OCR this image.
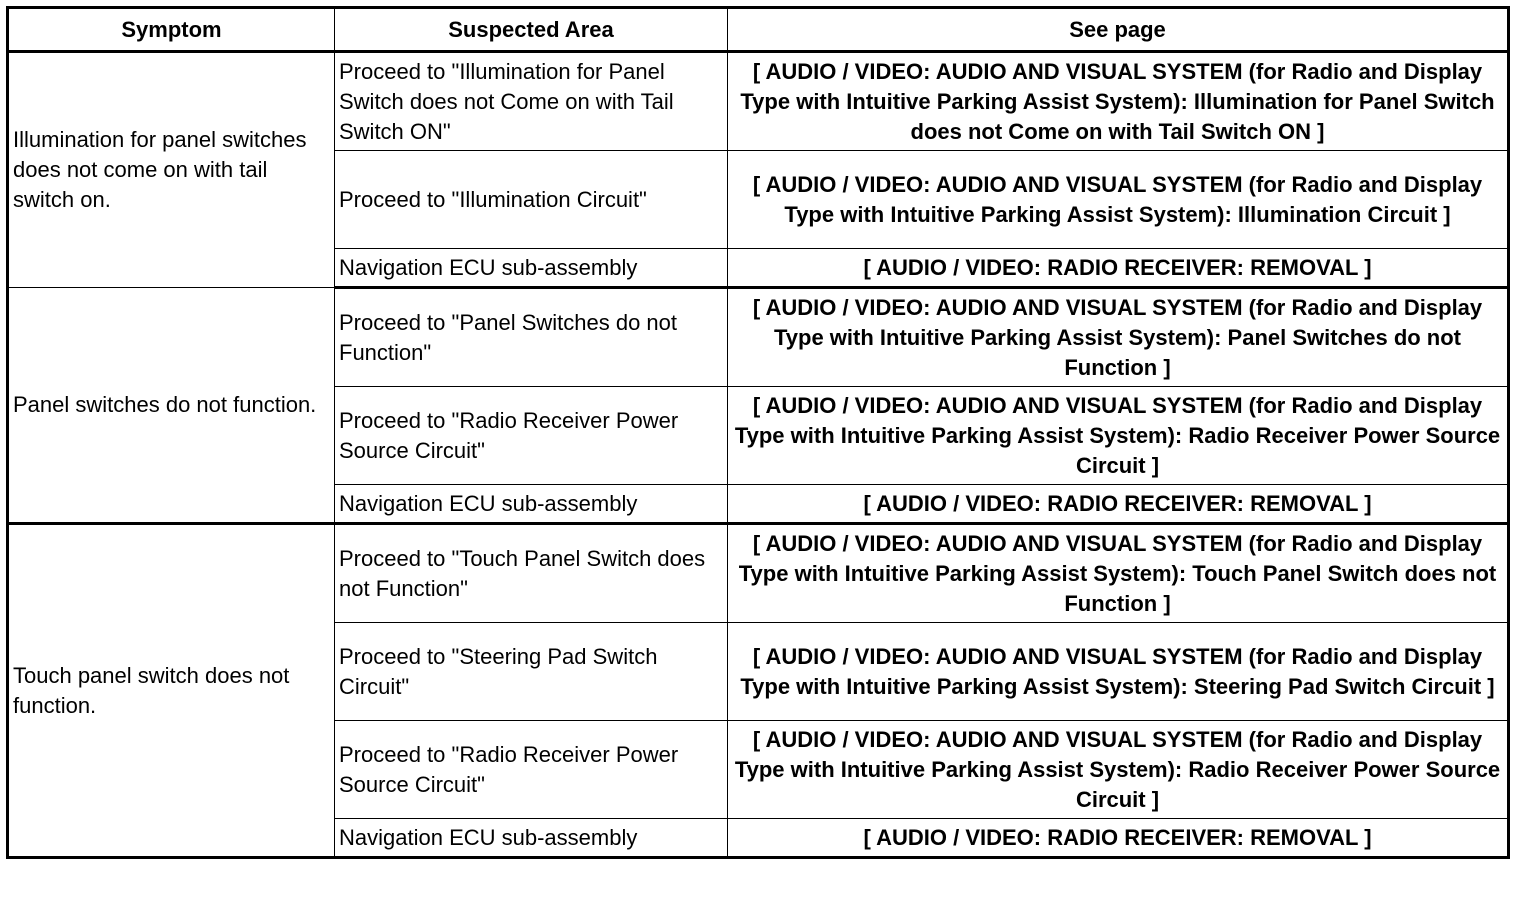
Symptom	Suspected Area	See page
Illumination for panel switches does not come on with tail switch on.	Proceed to "Illumination for Panel Switch does not Come on with Tail Switch ON"	[ AUDIO / VIDEO: AUDIO AND VISUAL SYSTEM (for Radio and Display Type with Intuitive Parking Assist System): Illumination for Panel Switch does not Come on with Tail Switch ON ]
	Proceed to "Illumination Circuit"	[ AUDIO / VIDEO: AUDIO AND VISUAL SYSTEM (for Radio and Display Type with Intuitive Parking Assist System): Illumination Circuit ]
	Navigation ECU sub-assembly	[ AUDIO / VIDEO: RADIO RECEIVER: REMOVAL ]
Panel switches do not function.	Proceed to "Panel Switches do not Function"	[ AUDIO / VIDEO: AUDIO AND VISUAL SYSTEM (for Radio and Display Type with Intuitive Parking Assist System): Panel Switches do not Function ]
	Proceed to "Radio Receiver Power Source Circuit"	[ AUDIO / VIDEO: AUDIO AND VISUAL SYSTEM (for Radio and Display Type with Intuitive Parking Assist System): Radio Receiver Power Source Circuit ]
	Navigation ECU sub-assembly	[ AUDIO / VIDEO: RADIO RECEIVER: REMOVAL ]
Touch panel switch does not function.	Proceed to "Touch Panel Switch does not Function"	[ AUDIO / VIDEO: AUDIO AND VISUAL SYSTEM (for Radio and Display Type with Intuitive Parking Assist System): Touch Panel Switch does not Function ]
	Proceed to "Steering Pad Switch Circuit"	[ AUDIO / VIDEO: AUDIO AND VISUAL SYSTEM (for Radio and Display Type with Intuitive Parking Assist System): Steering Pad Switch Circuit ]
	Proceed to "Radio Receiver Power Source Circuit"	[ AUDIO / VIDEO: AUDIO AND VISUAL SYSTEM (for Radio and Display Type with Intuitive Parking Assist System): Radio Receiver Power Source Circuit ]
	Navigation ECU sub-assembly	[ AUDIO / VIDEO: RADIO RECEIVER: REMOVAL ]
